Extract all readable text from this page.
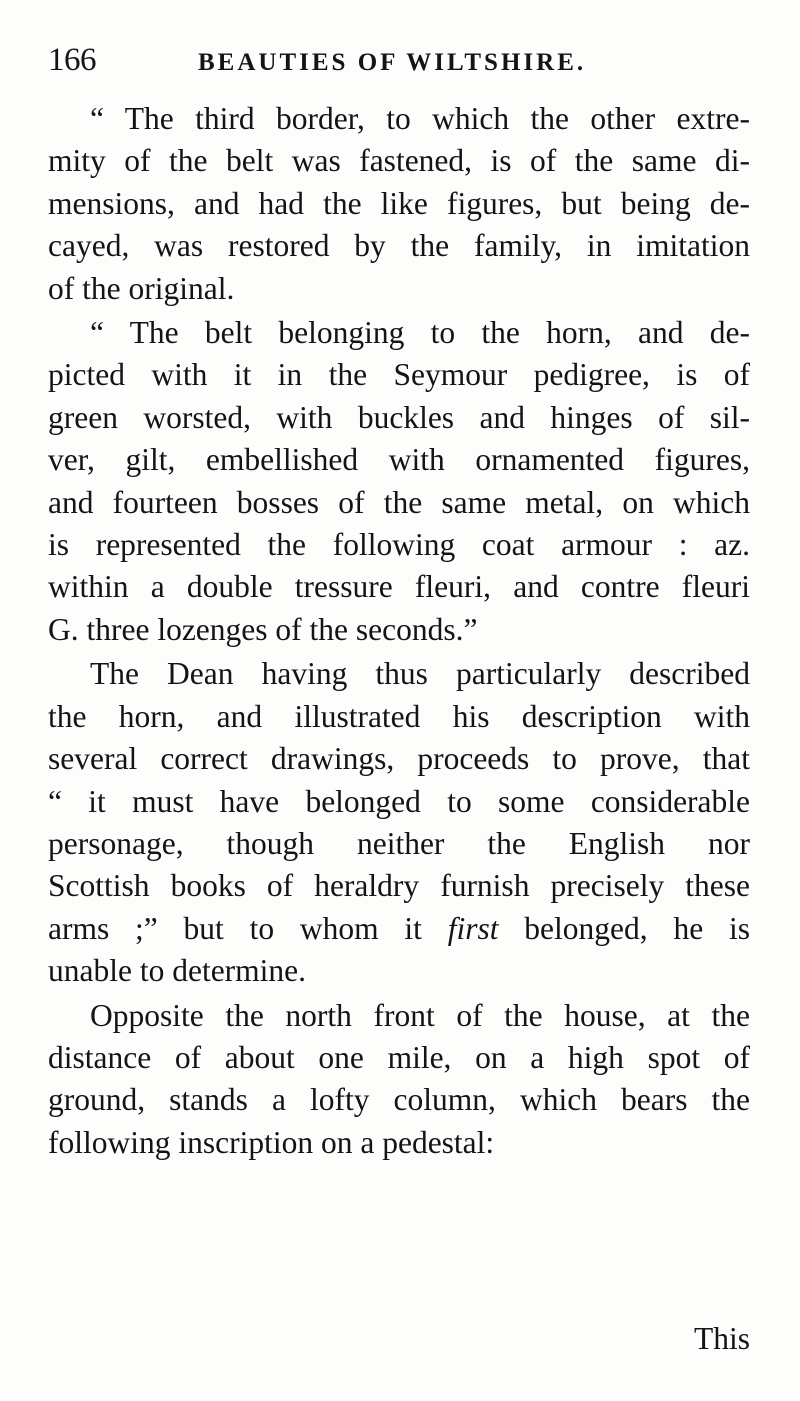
166	BEAUTIES OF WILTSHIRE.

“ The third border, to which the other extre-
mity of the belt was fastened, is of the same di-
mensions, and had the like figures, but being de-
cayed, was restored by the family, in imitation
of the original.

“ The belt belonging to the horn, and de-
picted with it in the Seymour pedigree, is of
green worsted, with buckles and hinges of sil-
ver, gilt, embellished with ornamented figures,
and fourteen bosses of the same metal, on which
is represented the following coat armour : az.
within a double tressure fleuri, and contre fleuri
G. three lozenges of the seconds.”

The Dean having thus particularly described
the horn, and illustrated his description with
several correct drawings, proceeds to prove, that
“ it must have belonged to some considerable
personage, though neither the English nor
Scottish books of heraldry furnish precisely these
arms ;” but to whom it first belonged, he is
unable to determine.

Opposite the north front of the house, at the
distance of about one mile, on a high spot of
ground, stands a lofty column, which bears the
following inscription on a pedestal:

This
